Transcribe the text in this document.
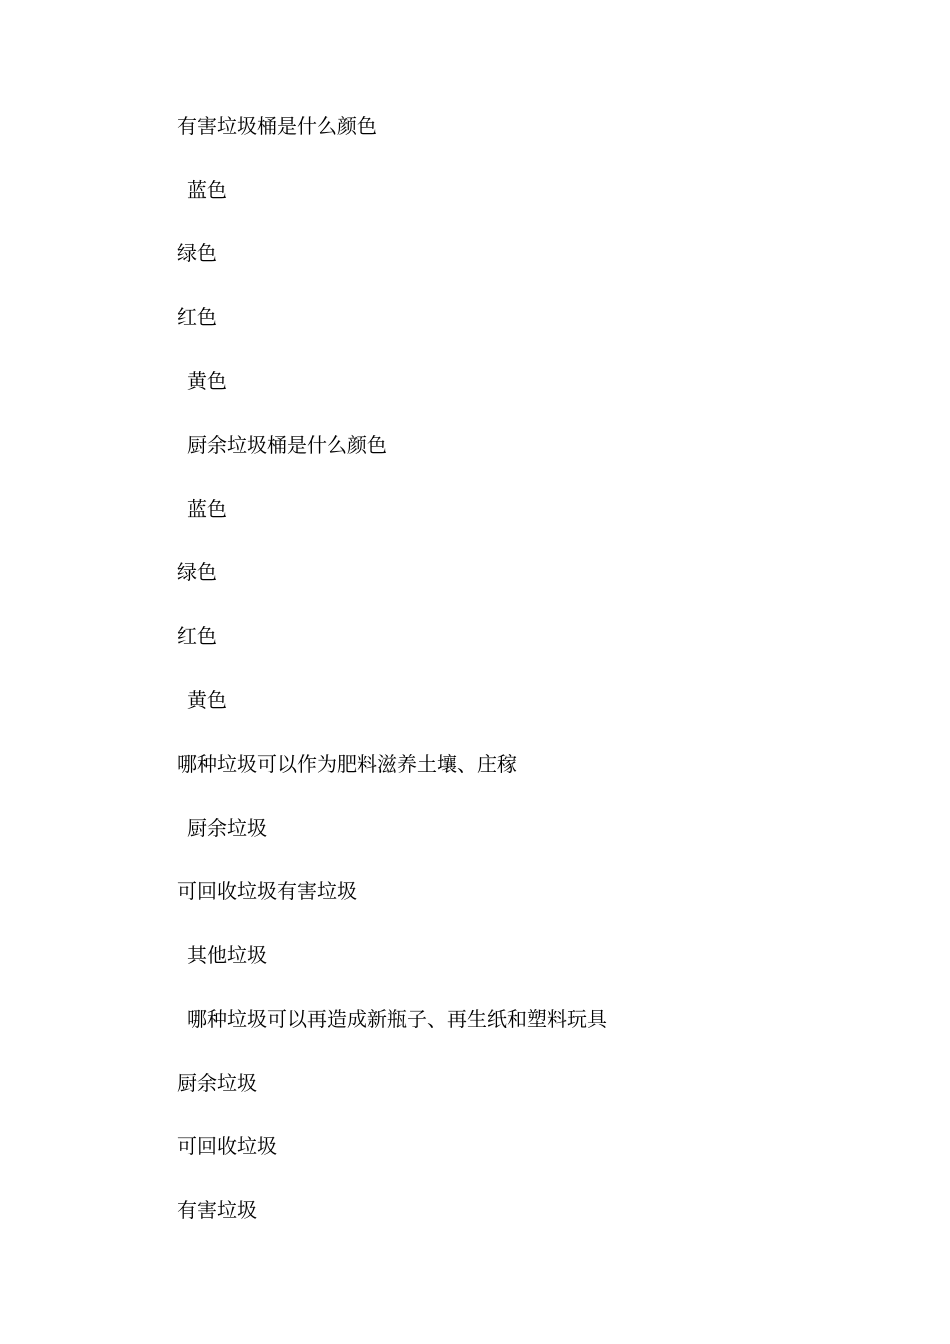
有害垃圾桶是什么颜色
蓝色
绿色
红色
黄色
厨余垃圾桶是什么颜色
蓝色
绿色
红色
黄色
哪种垃圾可以作为肥料滋养土壤、庄稼
厨余垃圾
可回收垃圾有害垃圾
其他垃圾
哪种垃圾可以再造成新瓶子、再生纸和塑料玩具
厨余垃圾
可回收垃圾
有害垃圾
